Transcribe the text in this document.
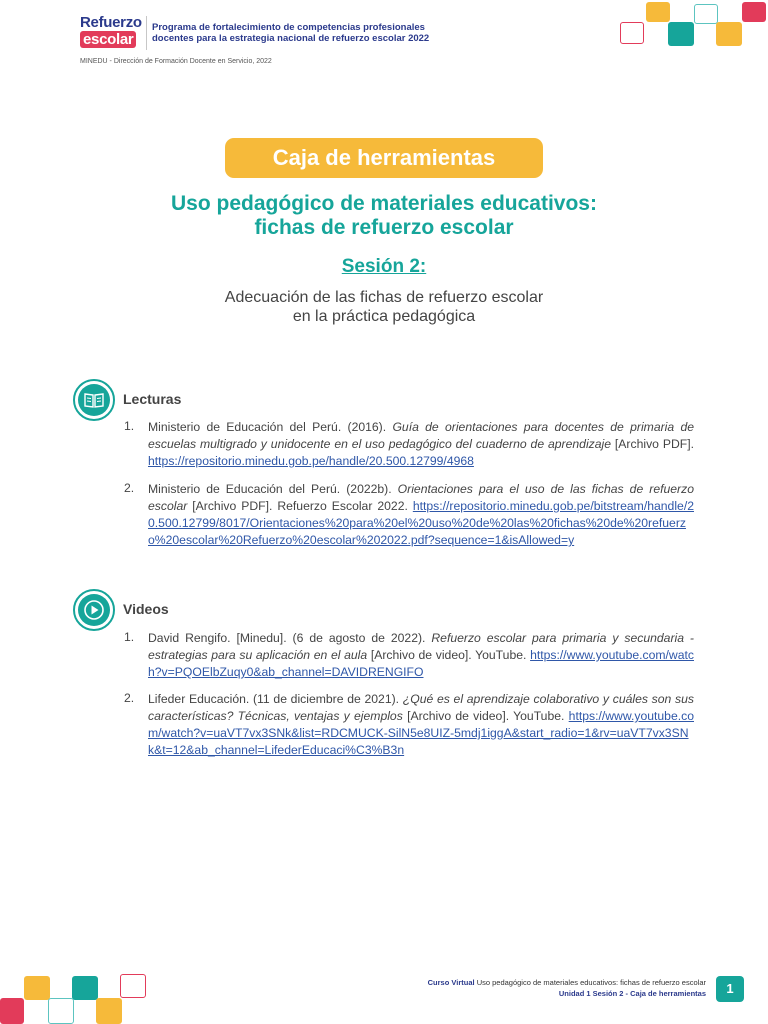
Refuerzo
escolar
Programa de fortalecimiento de competencias profesionales
docentes para la estrategia nacional de refuerzo escolar 2022
MINEDU - Dirección de Formación Docente en Servicio, 2022
Caja de herramientas
Uso pedagógico de materiales educativos:
fichas de refuerzo escolar
Sesión 2:
Adecuación de las fichas de refuerzo escolar
en la práctica pedagógica
Lecturas
1. Ministerio de Educación del Perú. (2016). Guía de orientaciones para docentes de primaria de escuelas multigrado y unidocente en el uso pedagógico del cuaderno de aprendizaje [Archivo PDF]. https://repositorio.minedu.gob.pe/handle/20.500.12799/4968
2. Ministerio de Educación del Perú. (2022b). Orientaciones para el uso de las fichas de refuerzo escolar [Archivo PDF]. Refuerzo Escolar 2022. https://repositorio.minedu.gob.pe/bitstream/handle/20.500.12799/8017/Orientaciones%20para%20el%20uso%20de%20las%20fichas%20de%20refuerzo%20escolar%20Refuerzo%20escolar%202022.pdf?sequence=1&isAllowed=y
Videos
1. David Rengifo. [Minedu]. (6 de agosto de 2022). Refuerzo escolar para primaria y secundaria - estrategias para su aplicación en el aula [Archivo de video]. YouTube. https://www.youtube.com/watch?v=PQOElbZuqy0&ab_channel=DAVIDRENGIFO
2. Lifeder Educación. (11 de diciembre de 2021). ¿Qué es el aprendizaje colaborativo y cuáles son sus características? Técnicas, ventajas y ejemplos [Archivo de video]. YouTube. https://www.youtube.com/watch?v=uaVT7vx3SNk&list=RDCMUCK-SilN5e8UIZ-5mdj1iggA&start_radio=1&rv=uaVT7vx3SNk&t=12&ab_channel=LifederEducaci%C3%B3n
Curso Virtual Uso pedagógico de materiales educativos: fichas de refuerzo escolar
Unidad 1 Sesión 2 - Caja de herramientas	1
